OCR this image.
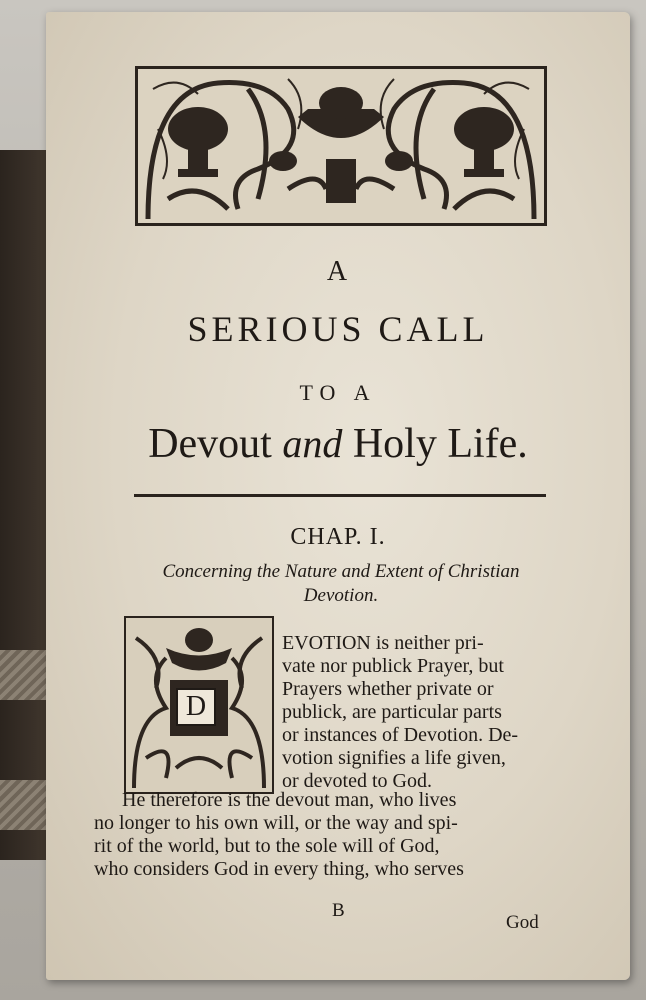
A

SERIOUS CALL

TO A

Devout and Holy Life.

CHAP. I.

Concerning the Nature and Extent of Christian
Devotion.

D

EVOTION is neither pri-
vate nor publick Prayer, but
Prayers whether private or
publick, are particular parts
or instances of Devotion. De-
votion signifies a life given,
or devoted to God.

He therefore is the devout man, who lives
no longer to his own will, or the way and spi-
rit of the world, but to the sole will of God,
who considers God in every thing, who serves

B

God
